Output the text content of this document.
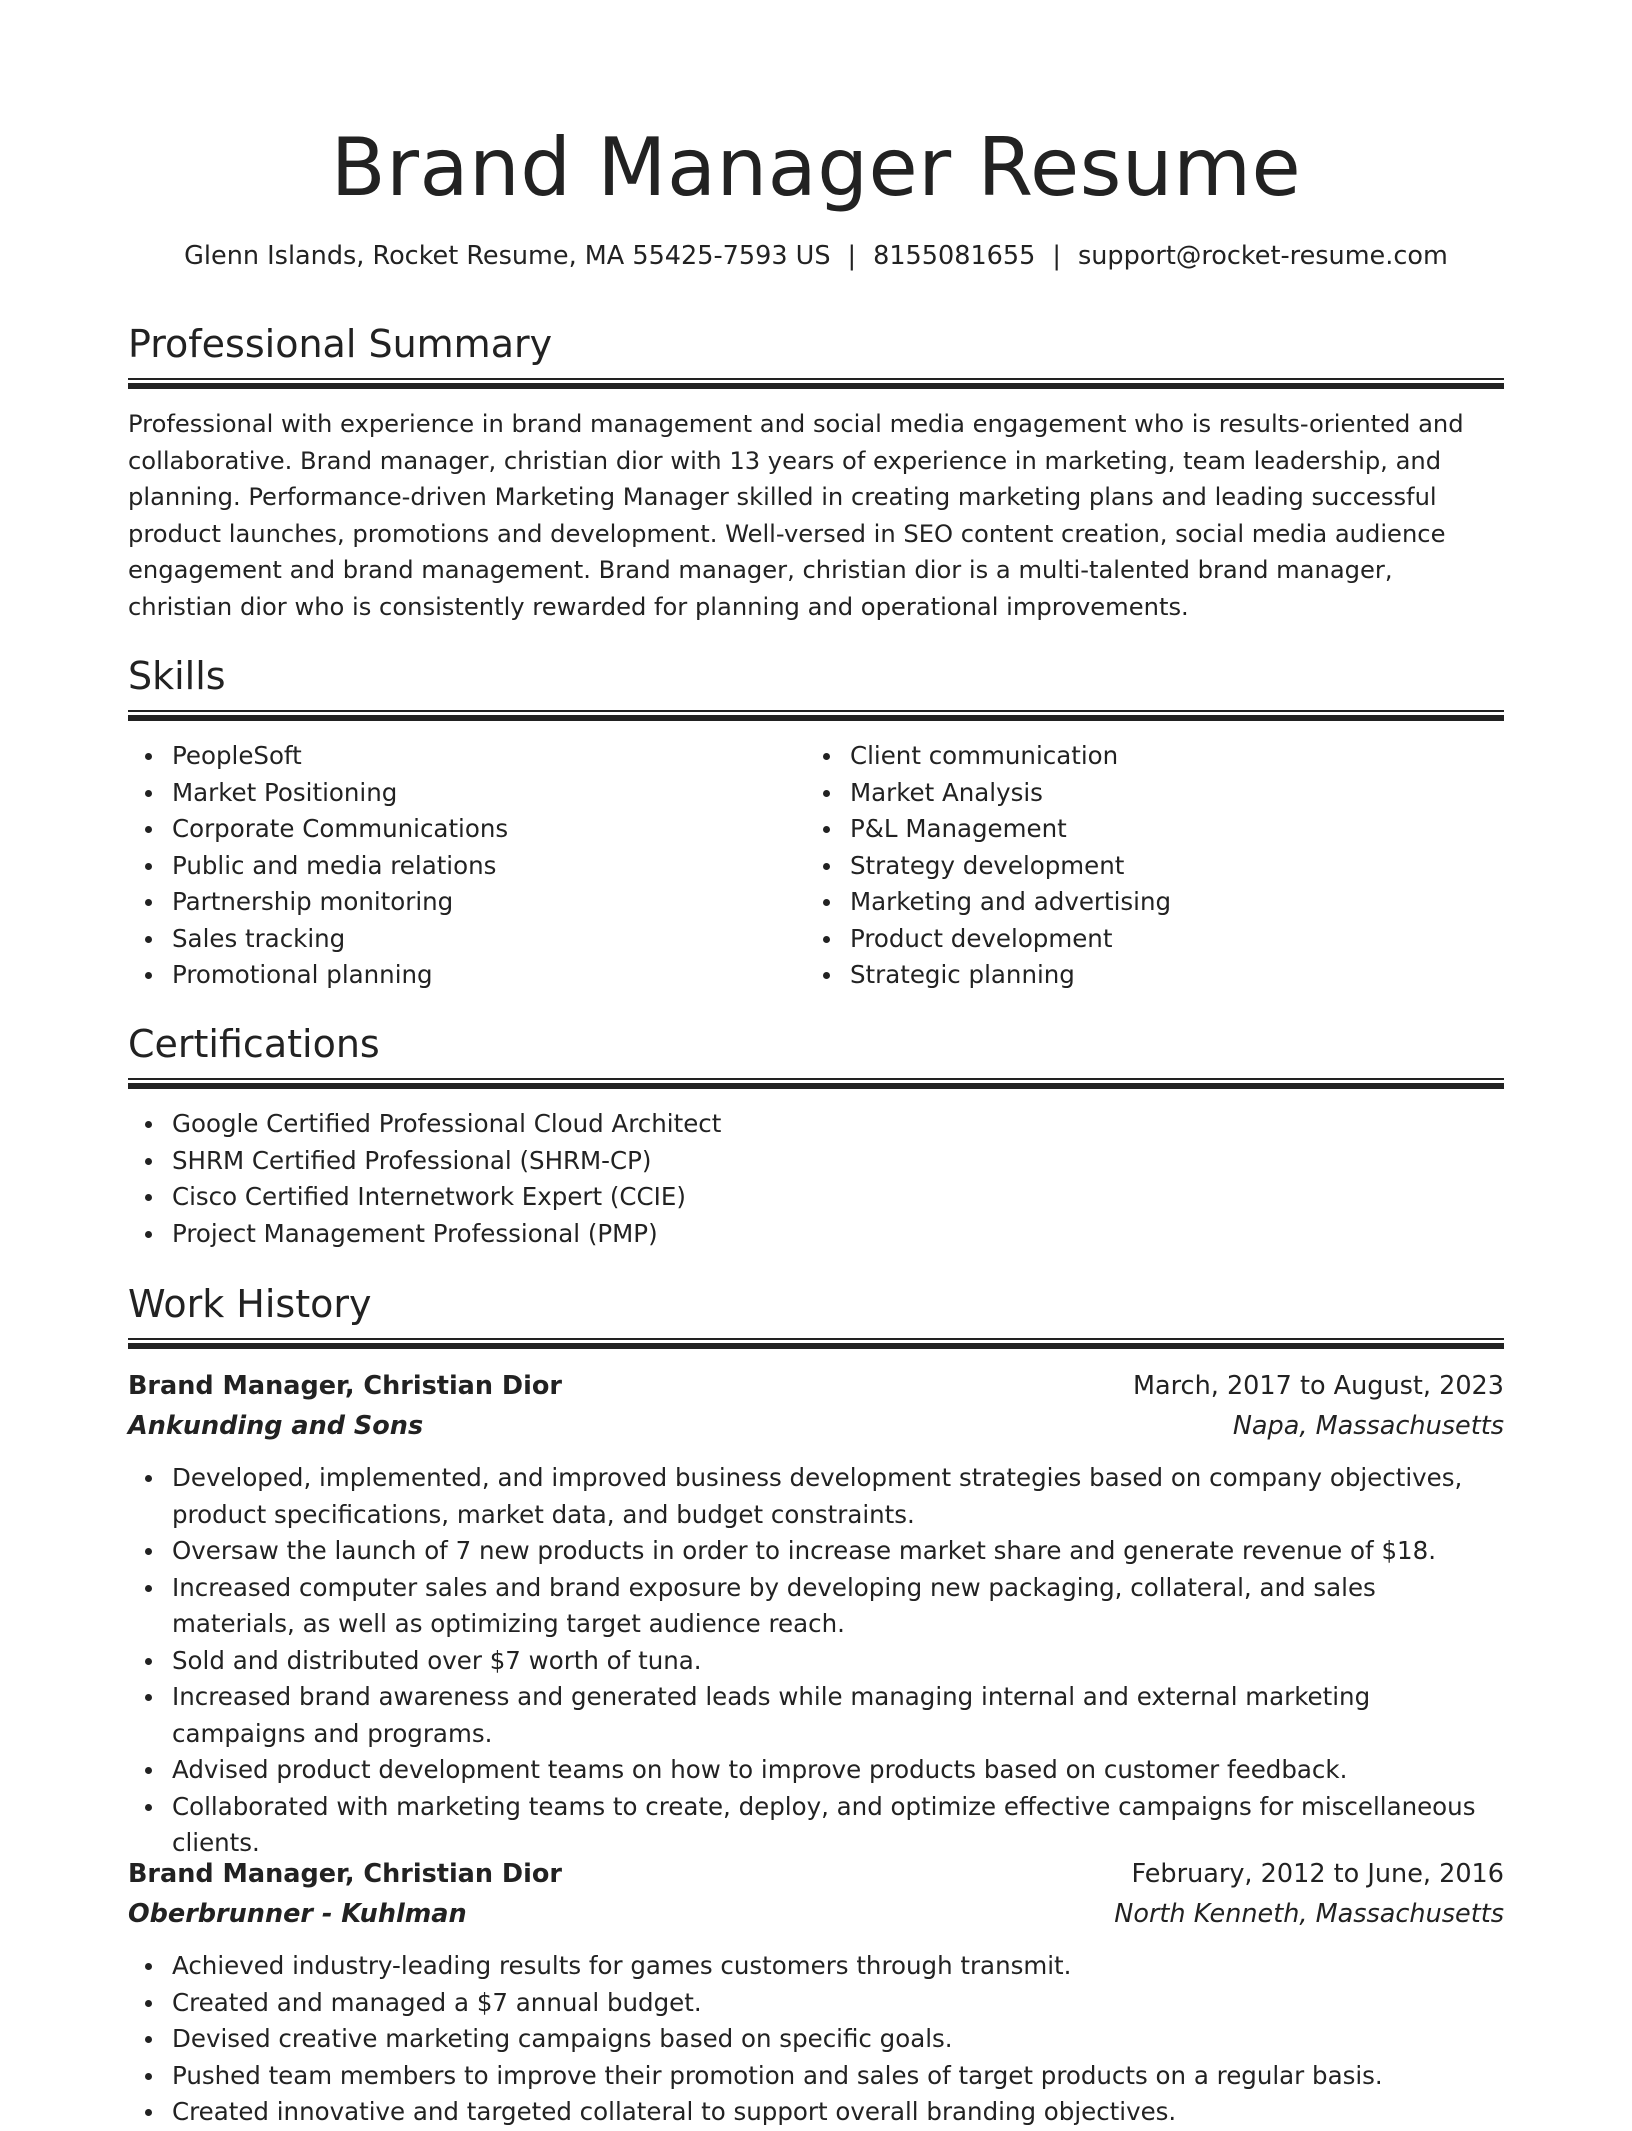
Brand Manager Resume
Glenn Islands, Rocket Resume, MA 55425-7593 US | 8155081655 | support@rocket-resume.com
Professional Summary

Professional with experience in brand management and social media engagement who is results-oriented and collaborative. Brand manager, christian dior with 13 years of experience in marketing, team leadership, and planning. Performance-driven Marketing Manager skilled in creating marketing plans and leading successful product launches, promotions and development. Well-versed in SEO content creation, social media audience engagement and brand management. Brand manager, christian dior is a multi-talented brand manager, christian dior who is consistently rewarded for planning and operational improvements.

Skills
PeopleSoft
Market Positioning
Corporate Communications
Public and media relations
Partnership monitoring
Sales tracking
Promotional planning
Client communication
Market Analysis
P&L Management
Strategy development
Marketing and advertising
Product development
Strategic planning
Certifications
Google Certified Professional Cloud Architect
SHRM Certified Professional (SHRM-CP)
Cisco Certified Internetwork Expert (CCIE)
Project Management Professional (PMP)
Work History
Brand Manager, Christian Dior	March, 2017 to August, 2023
Ankunding and Sons	Napa, Massachusetts
Developed, implemented, and improved business development strategies based on company objectives, product specifications, market data, and budget constraints.
Oversaw the launch of 7 new products in order to increase market share and generate revenue of $18.
Increased computer sales and brand exposure by developing new packaging, collateral, and sales materials, as well as optimizing target audience reach.
Sold and distributed over $7 worth of tuna.
Increased brand awareness and generated leads while managing internal and external marketing campaigns and programs.
Advised product development teams on how to improve products based on customer feedback.
Collaborated with marketing teams to create, deploy, and optimize effective campaigns for miscellaneous clients.
Brand Manager, Christian Dior	February, 2012 to June, 2016
Oberbrunner - Kuhlman	North Kenneth, Massachusetts
Achieved industry-leading results for games customers through transmit.
Created and managed a $7 annual budget.
Devised creative marketing campaigns based on specific goals.
Pushed team members to improve their promotion and sales of target products on a regular basis.
Created innovative and targeted collateral to support overall branding objectives.
